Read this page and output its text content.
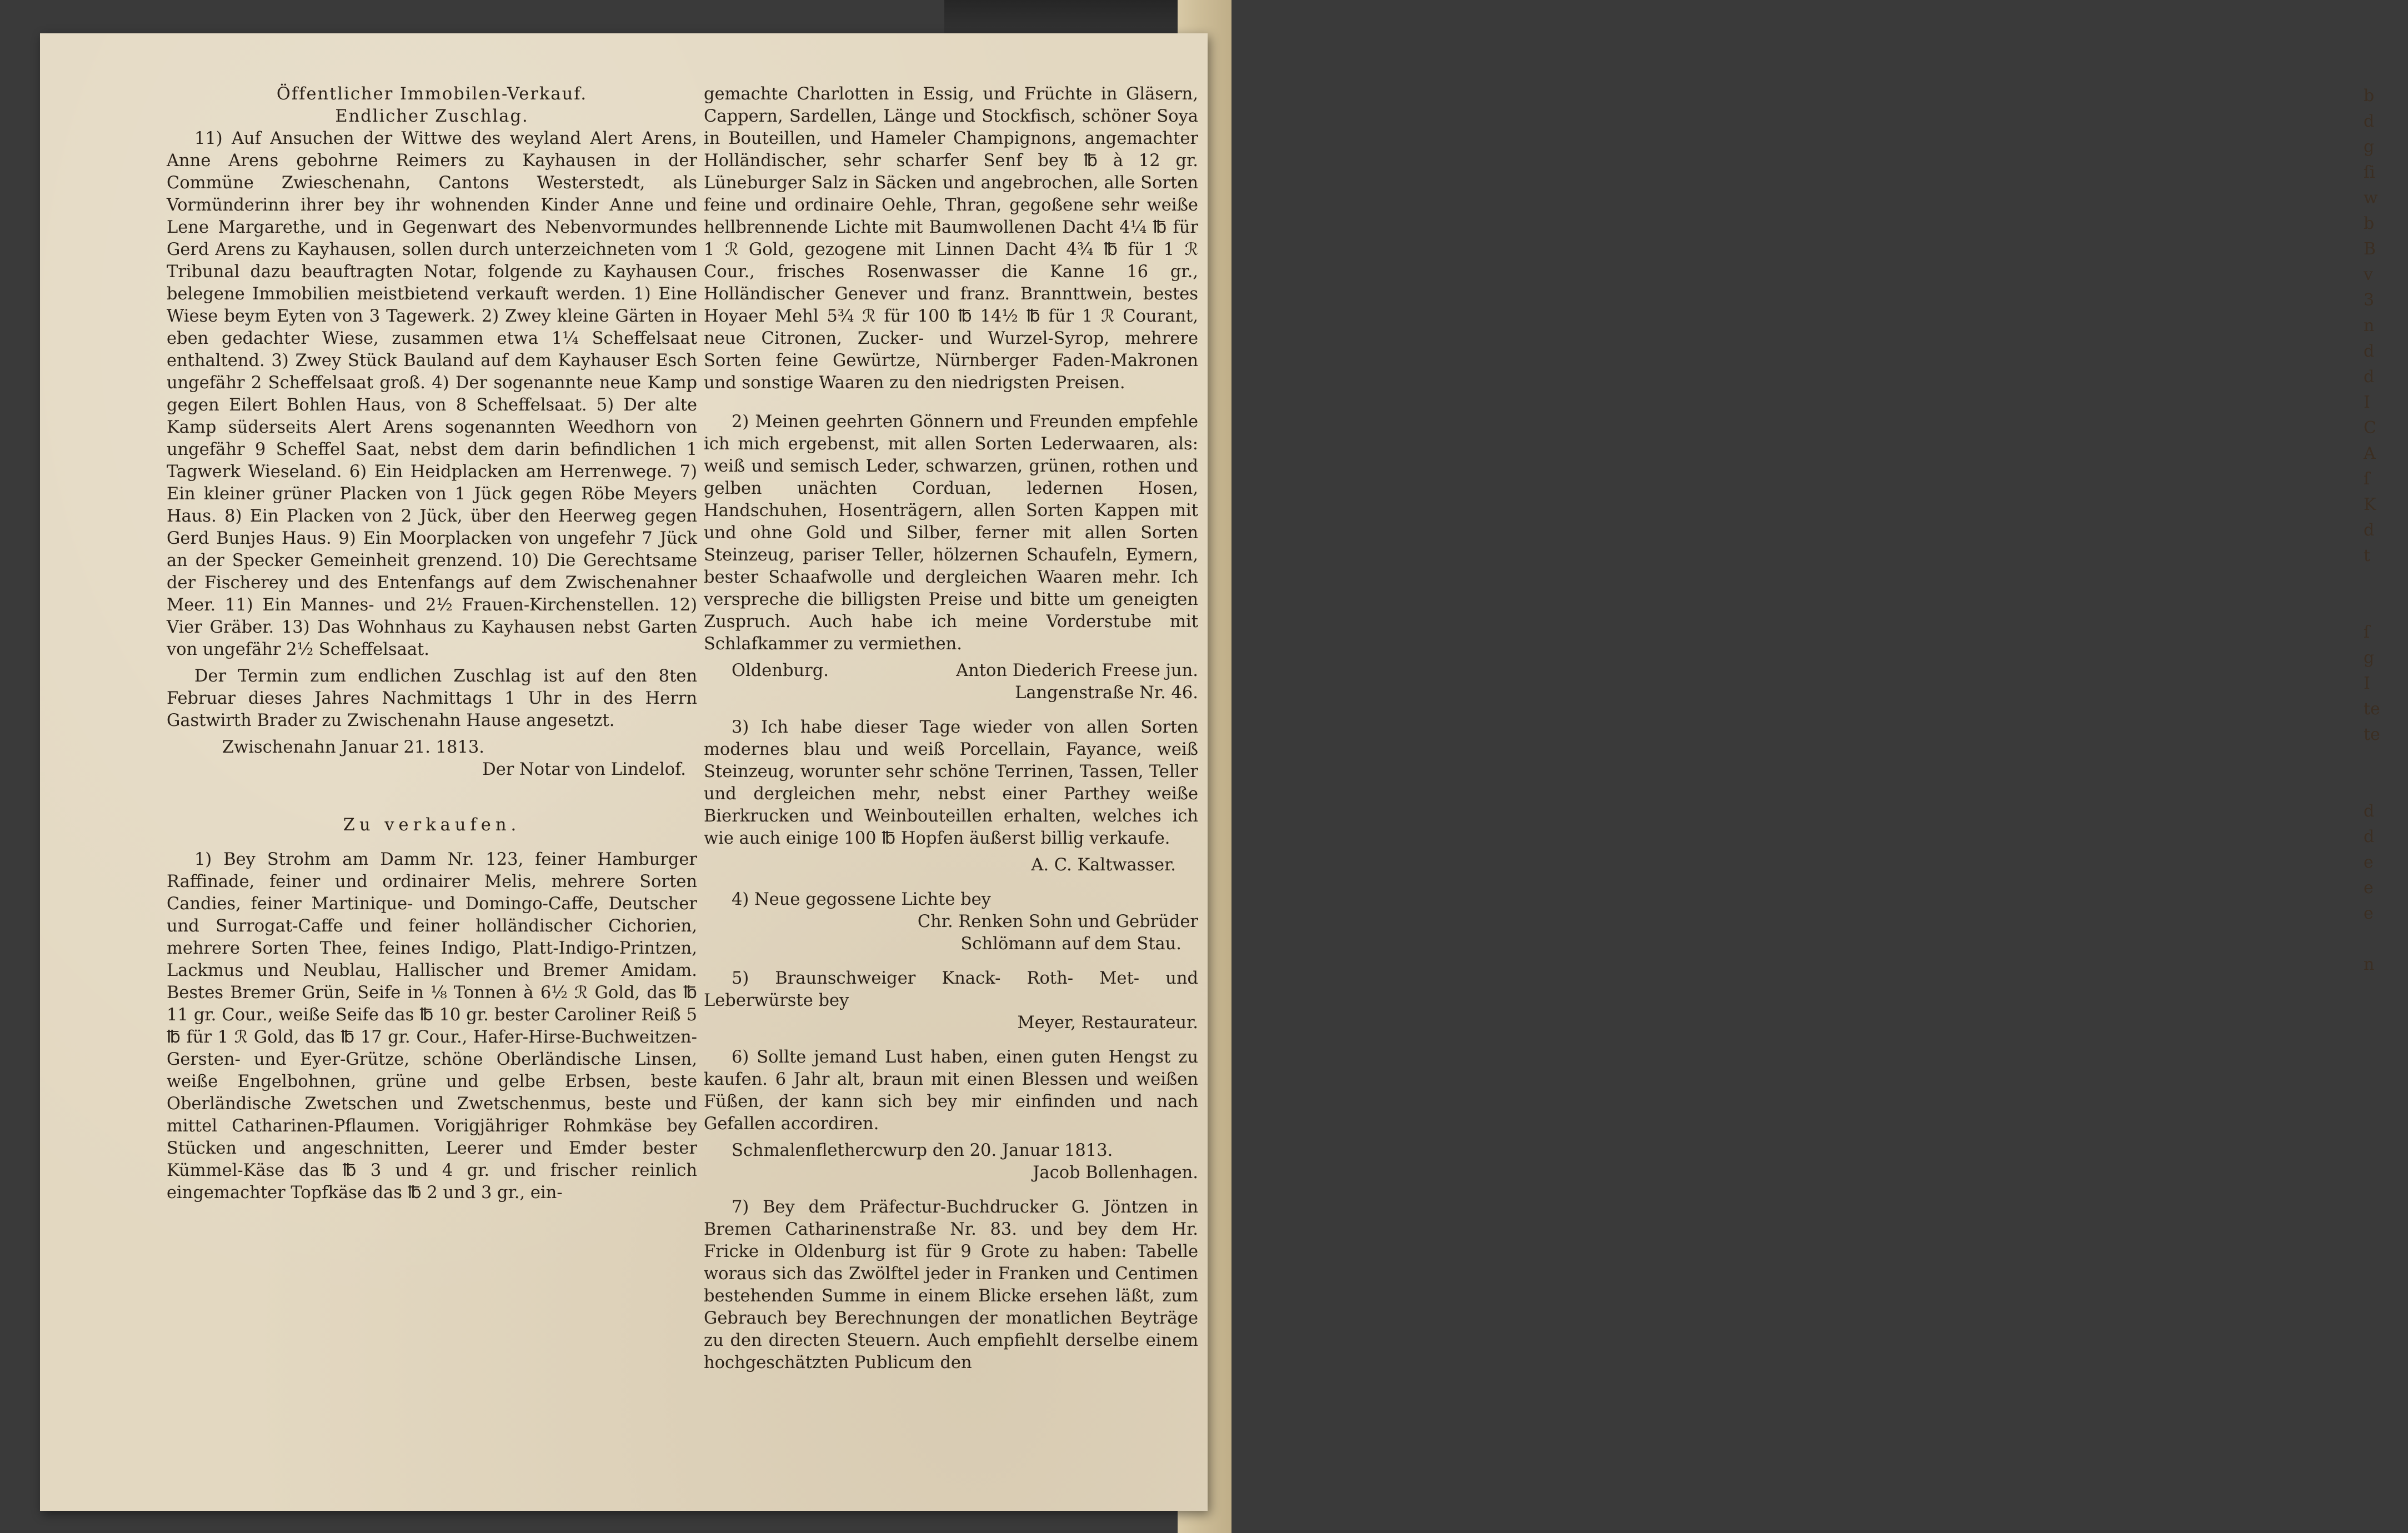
b
d
g
ſi
w
b
B
v
3
n
d
d
I
C
A
ſ
K
d
t

ſ
g
I
te
te

d
d
e
e
e

n

Öffentlicher Immobilen-Verkauf.

Endlicher Zuschlag.

11) Auf Ansuchen der Wittwe des weyland Alert Arens, Anne Arens gebohrne Reimers zu Kayhausen in der Commüne Zwieschenahn, Cantons Westerstedt, als Vormünderinn ihrer bey ihr wohnenden Kinder Anne und Lene Margarethe, und in Gegenwart des Nebenvormundes Gerd Arens zu Kayhausen, sollen durch unterzeichneten vom Tribunal dazu beauftragten Notar, folgende zu Kayhausen belegene Immobilien meistbietend verkauft werden. 1) Eine Wiese beym Eyten von 3 Tagewerk. 2) Zwey kleine Gärten in eben gedachter Wiese, zusammen etwa 1¼ Scheffelsaat enthaltend. 3) Zwey Stück Bauland auf dem Kayhauser Esch ungefähr 2 Scheffelsaat groß. 4) Der sogenannte neue Kamp gegen Eilert Bohlen Haus, von 8 Scheffelsaat. 5) Der alte Kamp süderseits Alert Arens sogenannten Weedhorn von ungefähr 9 Scheffel Saat, nebst dem darin befindlichen 1 Tagwerk Wieseland. 6) Ein Heidplacken am Herrenwege. 7) Ein kleiner grüner Placken von 1 Jück gegen Röbe Meyers Haus. 8) Ein Placken von 2 Jück, über den Heerweg gegen Gerd Bunjes Haus. 9) Ein Moorplacken von ungefehr 7 Jück an der Specker Gemeinheit grenzend. 10) Die Gerechtsame der Fischerey und des Entenfangs auf dem Zwischenahner Meer. 11) Ein Mannes- und 2½ Frauen-Kirchenstellen. 12) Vier Gräber. 13) Das Wohnhaus zu Kayhausen nebst Garten von ungefähr 2½ Scheffelsaat.

Der Termin zum endlichen Zuschlag ist auf den 8ten Februar dieses Jahres Nachmittags 1 Uhr in des Herrn Gastwirth Brader zu Zwischenahn Hause angesetzt.

Zwischenahn Januar 21. 1813.

Der Notar von Lindelof.

Zu verkaufen.

1) Bey Strohm am Damm Nr. 123, feiner Hamburger Raffinade, feiner und ordinairer Melis, mehrere Sorten Candies, feiner Martinique- und Domingo-Caffe, Deutscher und Surrogat-Caffe und feiner holländischer Cichorien, mehrere Sorten Thee, feines Indigo, Platt-Indigo-Printzen, Lackmus und Neublau, Hallischer und Bremer Amidam. Bestes Bremer Grün, Seife in ⅛ Tonnen à 6½ ℛ Gold, das ℔ 11 gr. Cour., weiße Seife das ℔ 10 gr. bester Caroliner Reiß 5 ℔ für 1 ℛ Gold, das ℔ 17 gr. Cour., Hafer-Hirse-Buchweitzen-Gersten- und Eyer-Grütze, schöne Oberländische Linsen, weiße Engelbohnen, grüne und gelbe Erbsen, beste Oberländische Zwetschen und Zwetschenmus, beste und mittel Catharinen-Pflaumen. Vorigjähriger Rohmkäse bey Stücken und angeschnitten, Leerer und Emder bester Kümmel-Käse das ℔ 3 und 4 gr. und frischer reinlich eingemachter Topfkäse das ℔ 2 und 3 gr., ein-

gemachte Charlotten in Essig, und Früchte in Gläsern, Cappern, Sardellen, Länge und Stockfisch, schöner Soya in Bouteillen, und Hameler Champignons, angemachter Holländischer, sehr scharfer Senf bey ℔ à 12 gr. Lüneburger Salz in Säcken und angebrochen, alle Sorten feine und ordinaire Oehle, Thran, gegoßene sehr weiße hellbrennende Lichte mit Baumwollenen Dacht 4¼ ℔ für 1 ℛ Gold, gezogene mit Linnen Dacht 4¾ ℔ für 1 ℛ Cour., frisches Rosenwasser die Kanne 16 gr., Holländischer Genever und franz. Brannttwein, bestes Hoyaer Mehl 5¾ ℛ für 100 ℔ 14½ ℔ für 1 ℛ Courant, neue Citronen, Zucker- und Wurzel-Syrop, mehrere Sorten feine Gewürtze, Nürnberger Faden-Makronen und sonstige Waaren zu den niedrigsten Preisen.

2) Meinen geehrten Gönnern und Freunden empfehle ich mich ergebenst, mit allen Sorten Lederwaaren, als: weiß und semisch Leder, schwarzen, grünen, rothen und gelben unächten Corduan, ledernen Hosen, Handschuhen, Hosenträgern, allen Sorten Kappen mit und ohne Gold und Silber, ferner mit allen Sorten Steinzeug, pariser Teller, hölzernen Schaufeln, Eymern, bester Schaafwolle und dergleichen Waaren mehr. Ich verspreche die billigsten Preise und bitte um geneigten Zuspruch. Auch habe ich meine Vorderstube mit Schlafkammer zu vermiethen.

Oldenburg.	Anton Diederich Freese jun.

Langenstraße Nr. 46.

3) Ich habe dieser Tage wieder von allen Sorten modernes blau und weiß Porcellain, Fayance, weiß Steinzeug, worunter sehr schöne Terrinen, Tassen, Teller und dergleichen mehr, nebst einer Parthey weiße Bierkrucken und Weinbouteillen erhalten, welches ich wie auch einige 100 ℔ Hopfen äußerst billig verkaufe.

A. C. Kaltwasser.

4) Neue gegossene Lichte bey

Chr. Renken Sohn und Gebrüder

Schlömann auf dem Stau.

5) Braunschweiger Knack- Roth- Met- und Leberwürste bey

Meyer, Restaurateur.

6) Sollte jemand Lust haben, einen guten Hengst zu kaufen. 6 Jahr alt, braun mit einen Blessen und weißen Füßen, der kann sich bey mir einfinden und nach Gefallen accordiren.

Schmalenflethercwurp den 20. Januar 1813.

Jacob Bollenhagen.

7) Bey dem Präfectur-Buchdrucker G. Jöntzen in Bremen Catharinenstraße Nr. 83. und bey dem Hr. Fricke in Oldenburg ist für 9 Grote zu haben: Tabelle woraus sich das Zwölftel jeder in Franken und Centimen bestehenden Summe in einem Blicke ersehen läßt, zum Gebrauch bey Berechnungen der monatlichen Beyträge zu den directen Steuern. Auch empfiehlt derselbe einem hochgeschätzten Publicum den
